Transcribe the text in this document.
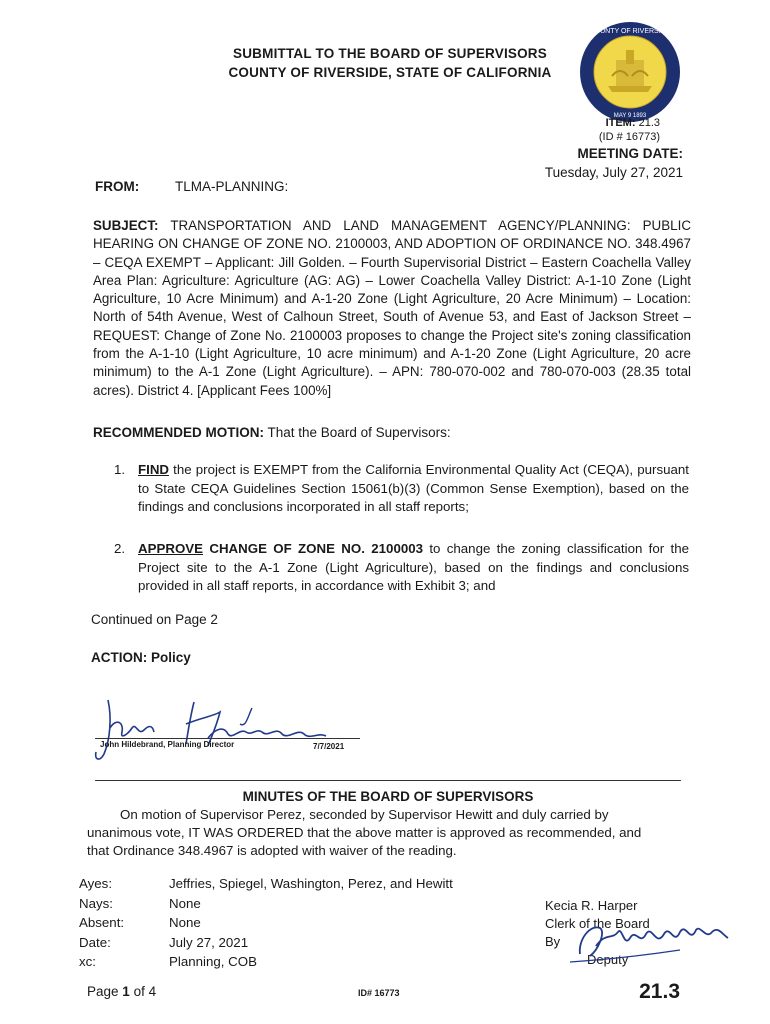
SUBMITTAL TO THE BOARD OF SUPERVISORS
COUNTY OF RIVERSIDE, STATE OF CALIFORNIA
COUNTY OF RIVERSIDE
MAY 9 1893
ITEM: 21.3
(ID # 16773)
MEETING DATE:
Tuesday, July 27, 2021
FROM:	TLMA-PLANNING:
SUBJECT: TRANSPORTATION AND LAND MANAGEMENT AGENCY/PLANNING: PUBLIC HEARING ON CHANGE OF ZONE NO. 2100003, AND ADOPTION OF ORDINANCE NO. 348.4967 – CEQA EXEMPT – Applicant: Jill Golden. – Fourth Supervisorial District – Eastern Coachella Valley Area Plan: Agriculture: Agriculture (AG: AG) – Lower Coachella Valley District: A-1-10 Zone (Light Agriculture, 10 Acre Minimum) and A-1-20 Zone (Light Agriculture, 20 Acre Minimum) – Location: North of 54th Avenue, West of Calhoun Street, South of Avenue 53, and East of Jackson Street – REQUEST: Change of Zone No. 2100003 proposes to change the Project site's zoning classification from the A-1-10 (Light Agriculture, 10 acre minimum) and A-1-20 Zone (Light Agriculture, 20 acre minimum) to the A-1 Zone (Light Agriculture). – APN: 780-070-002 and 780-070-003 (28.35 total acres). District 4. [Applicant Fees 100%]
RECOMMENDED MOTION: That the Board of Supervisors:
1. FIND the project is EXEMPT from the California Environmental Quality Act (CEQA), pursuant to State CEQA Guidelines Section 15061(b)(3) (Common Sense Exemption), based on the findings and conclusions incorporated in all staff reports;
2. APPROVE CHANGE OF ZONE NO. 2100003 to change the zoning classification for the Project site to the A-1 Zone (Light Agriculture), based on the findings and conclusions provided in all staff reports, in accordance with Exhibit 3; and
Continued on Page 2
ACTION: Policy
John Hildebrand, Planning Director	7/7/2021
MINUTES OF THE BOARD OF SUPERVISORS
On motion of Supervisor Perez, seconded by Supervisor Hewitt and duly carried by
unanimous vote, IT WAS ORDERED that the above matter is approved as recommended, and
that Ordinance 348.4967 is adopted with waiver of the reading.
Ayes:	Jeffries, Spiegel, Washington, Perez, and Hewitt
Nays:	None
Absent:	None
Date:	July 27, 2021
xc:	Planning, COB
Kecia R. Harper
Clerk of the Board
By
Deputy
Page 1 of 4	ID# 16773	21.3
